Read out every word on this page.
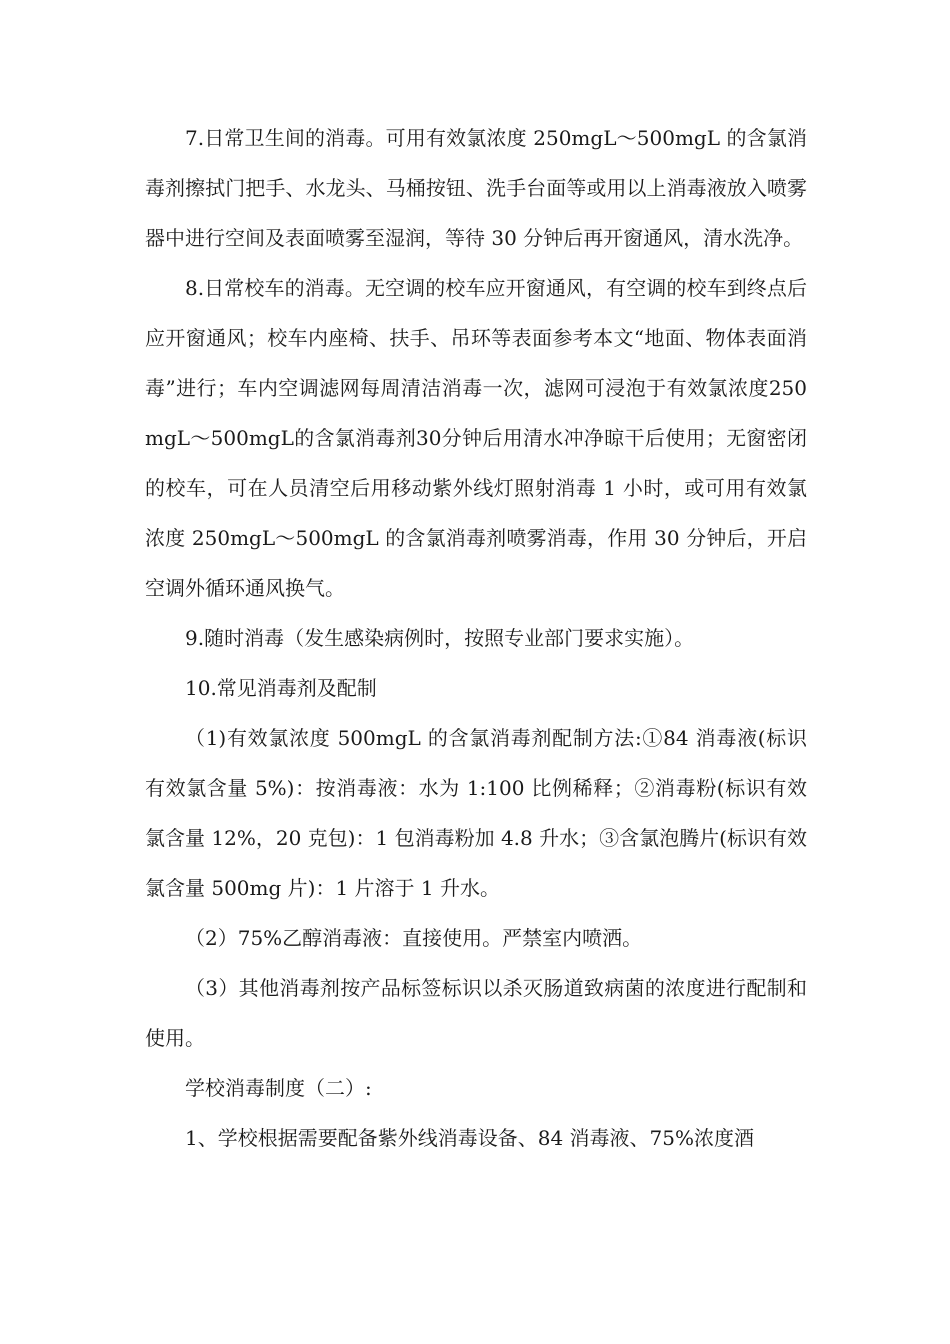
7.日常卫生间的消毒。可用有效氯浓度 250mgL～500mgL 的含氯消毒剂擦拭门把手、水龙头、马桶按钮、洗手台面等或用以上消毒液放入喷雾器中进行空间及表面喷雾至湿润，等待 30 分钟后再开窗通风，清水洗净。

8.日常校车的消毒。无空调的校车应开窗通风，有空调的校车到终点后应开窗通风；校车内座椅、扶手、吊环等表面参考本文“地面、物体表面消毒”进行；车内空调滤网每周清洁消毒一次，滤网可浸泡于有效氯浓度250mgL～500mgL的含氯消毒剂30分钟后用清水冲净晾干后使用；无窗密闭的校车，可在人员清空后用移动紫外线灯照射消毒 1 小时，或可用有效氯浓度 250mgL～500mgL 的含氯消毒剂喷雾消毒，作用 30 分钟后，开启空调外循环通风换气。

9.随时消毒（发生感染病例时，按照专业部门要求实施）。

10.常见消毒剂及配制

（1)有效氯浓度 500mgL 的含氯消毒剂配制方法:①84 消毒液(标识有效氯含量 5%)：按消毒液：水为 1:100 比例稀释；②消毒粉(标识有效氯含量 12%，20 克包)：1 包消毒粉加 4.8 升水；③含氯泡腾片(标识有效氯含量 500mg 片)：1 片溶于 1 升水。

（2）75%乙醇消毒液：直接使用。严禁室内喷洒。

（3）其他消毒剂按产品标签标识以杀灭肠道致病菌的浓度进行配制和使用。

学校消毒制度（二）:

1、学校根据需要配备紫外线消毒设备、84 消毒液、75%浓度酒
